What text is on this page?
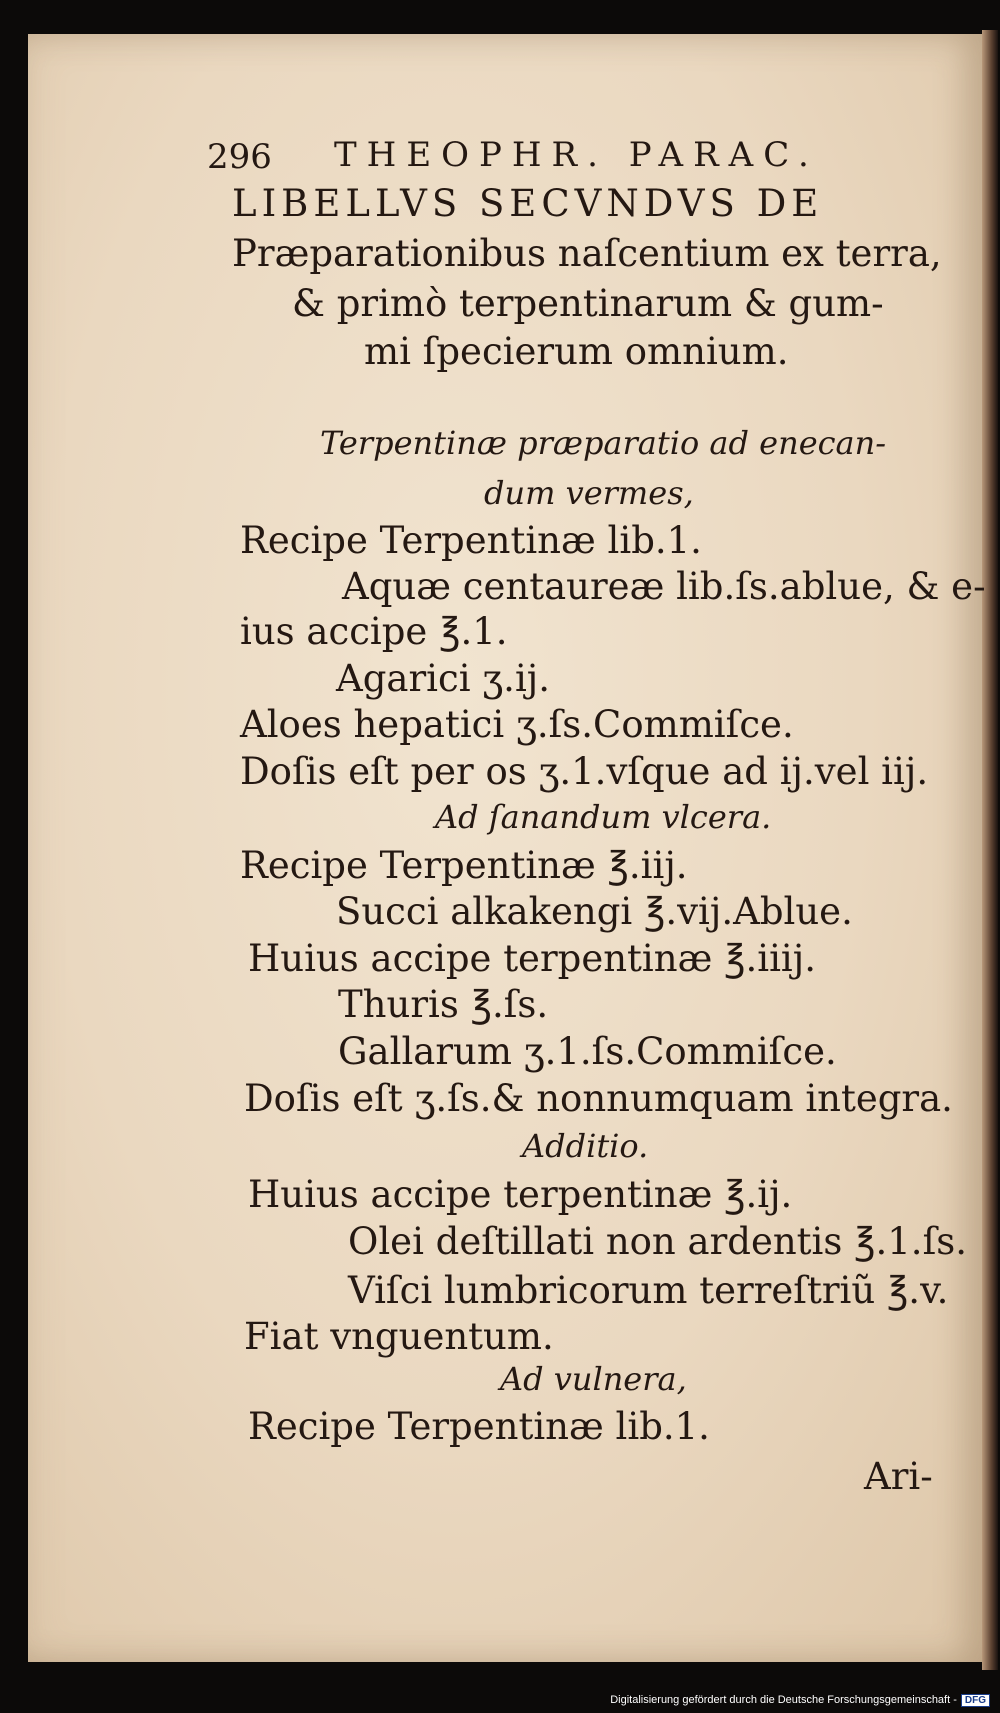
296 THEOPHR. PARAC.
LIBELLVS SECVNDVS DE
Præparationibus naſcentium ex terra,
& primò terpentinarum & gum-
mi ſpecierum omnium.
Terpentinæ præparatio ad enecan-
dum vermes,
Recipe Terpentinæ lib.1.
Aquæ centaureæ lib.ſs.ablue, & e-
ius accipe ℥.1.
Agarici ʒ.ij.
Aloes hepatici ʒ.ſs.Commiſce.
Doſis eſt per os ʒ.1.vſque ad ij.vel iij.
Ad ſanandum vlcera.
Recipe Terpentinæ ℥.iij.
Succi alkakengi ℥.vij.Ablue.
Huius accipe terpentinæ ℥.iiij.
Thuris ℥.ſs.
Gallarum ʒ.1.ſs.Commiſce.
Doſis eſt ʒ.ſs.& nonnumquam integra.
Additio.
Huius accipe terpentinæ ℥.ij.
Olei deſtillati non ardentis ℥.1.ſs.
Viſci lumbricorum terreſtriũ ℥.v.
Fiat vnguentum.
Ad vulnera,
Recipe Terpentinæ lib.1.
Ari-
Digitalisierung gefördert durch die Deutsche Forschungsgemeinschaft - DFG
